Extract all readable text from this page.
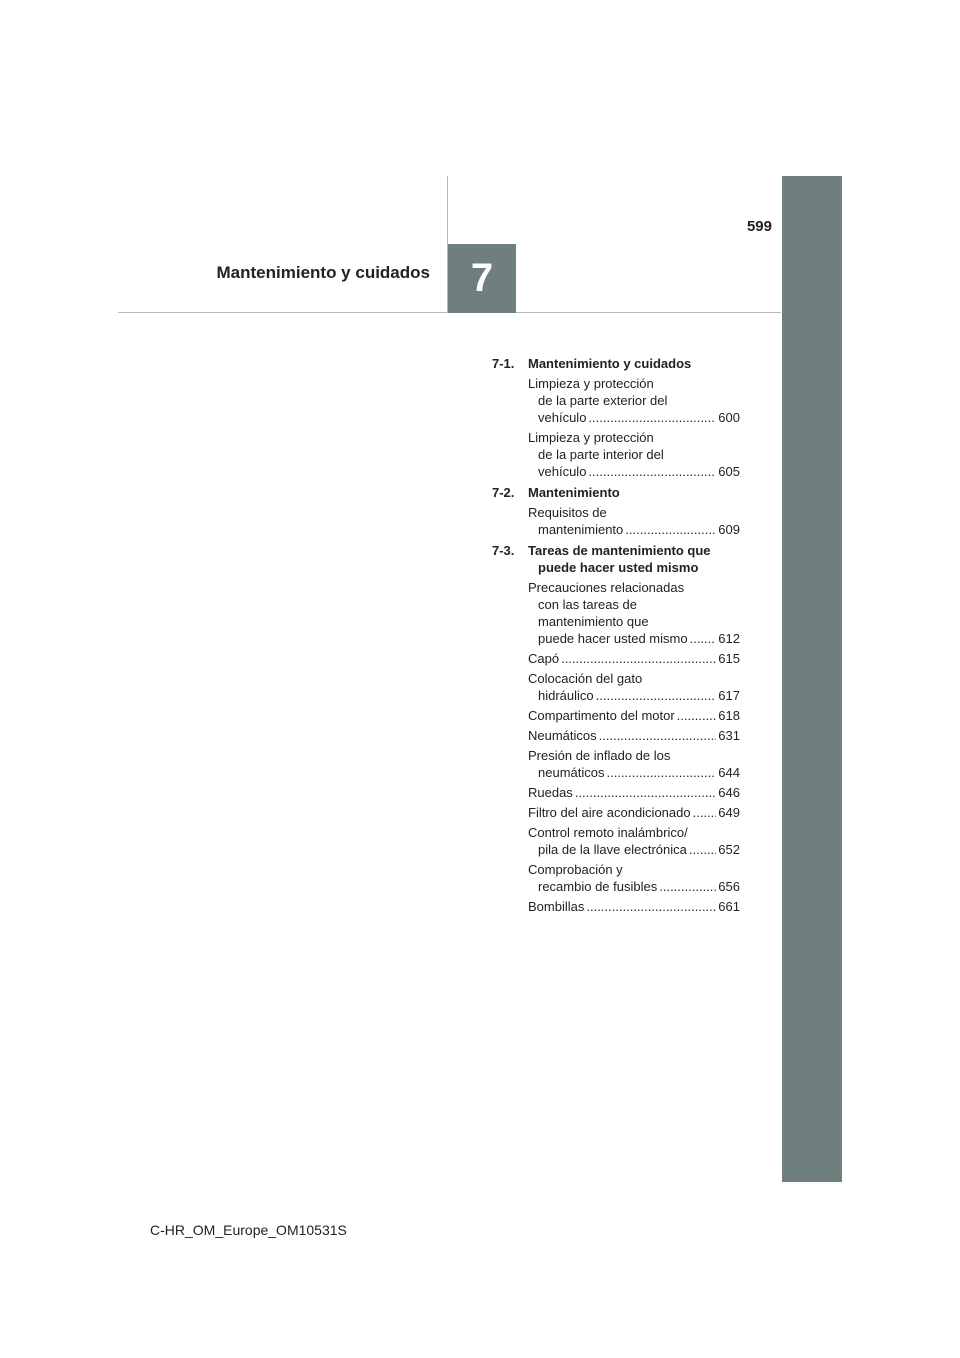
7
599
Mantenimiento y cuidados
7-1.	Mantenimiento y cuidados
Limpieza y protección
de la parte exterior del
vehículo .....	600
Limpieza y protección
de la parte interior del
vehículo .....	605
7-2.	Mantenimiento
Requisitos de
mantenimiento .....	609
7-3.	Tareas de mantenimiento que puede hacer usted mismo
Precauciones relacionadas
con las tareas de
mantenimiento que
puede hacer usted mismo ..... 612
Capó .....	615
Colocación del gato
hidráulico .....	617
Compartimento del motor .....	618
Neumáticos .....	631
Presión de inflado de los
neumáticos .....	644
Ruedas .....	646
Filtro del aire acondicionado ..... 649
Control remoto inalámbrico/
pila de la llave electrónica ..... 652
Comprobación y
recambio de fusibles .....	656
Bombillas .....	661
C-HR_OM_Europe_OM10531S
